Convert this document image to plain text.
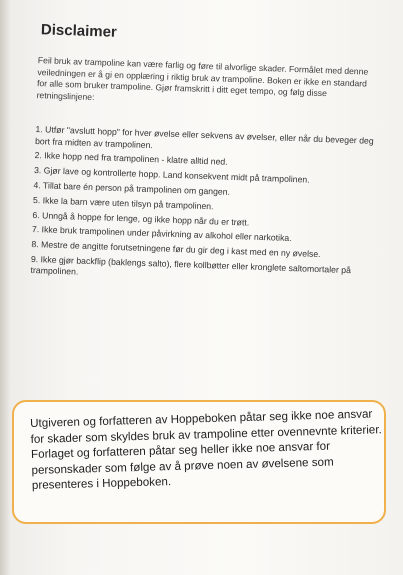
Disclaimer
Feil bruk av trampoline kan være farlig og føre til alvorlige skader. Formålet med denne veiledningen er å gi en opplæring i riktig bruk av trampoline. Boken er ikke en standard for alle som bruker trampoline. Gjør framskritt i ditt eget tempo, og følg disse retningslinjene:
1. Utfør "avslutt hopp" for hver øvelse eller sekvens av øvelser, eller når du beveger deg bort fra midten av trampolinen.
2. Ikke hopp ned fra trampolinen - klatre alltid ned.
3. Gjør lave og kontrollerte hopp. Land konsekvent midt på trampolinen.
4. Tillat bare én person på trampolinen om gangen.
5. Ikke la barn være uten tilsyn på trampolinen.
6. Unngå å hoppe for lenge, og ikke hopp når du er trøtt.
7. Ikke bruk trampolinen under påvirkning av alkohol eller narkotika.
8. Mestre de angitte forutsetningene før du gir deg i kast med en ny øvelse.
9. Ikke gjør backflip (baklengs salto), flere kollbøtter eller kronglete saltomortaler på trampolinen.
Utgiveren og forfatteren av Hoppeboken påtar seg ikke noe ansvar for skader som skyldes bruk av trampoline etter ovennevnte kriterier. Forlaget og forfatteren påtar seg heller ikke noe ansvar for personskader som følge av å prøve noen av øvelsene som presenteres i Hoppeboken.
